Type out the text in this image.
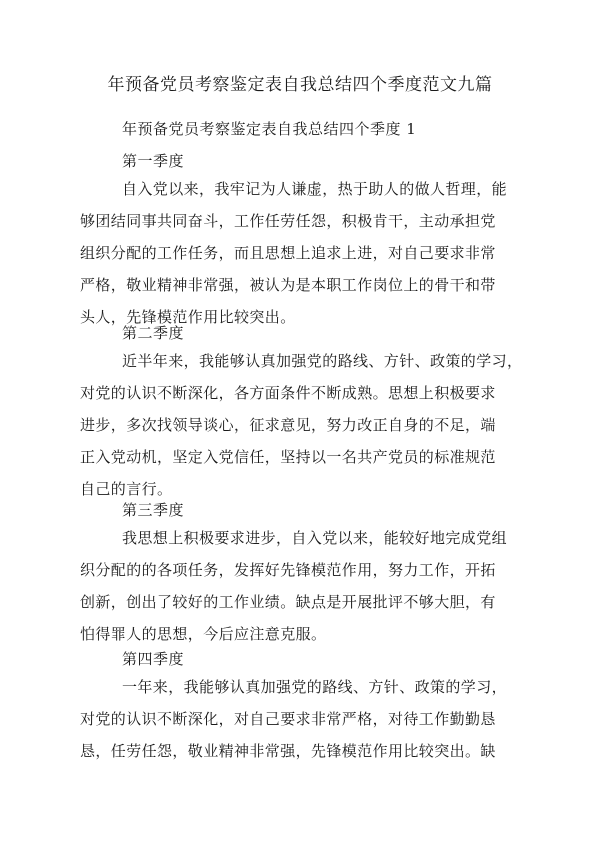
年预备党员考察鉴定表自我总结四个季度范文九篇
年预备党员考察鉴定表自我总结四个季度 1
第一季度
自入党以来，我牢记为人谦虚，热于助人的做人哲理，能
够团结同事共同奋斗，工作任劳任怨，积极肯干，主动承担党
组织分配的工作任务，而且思想上追求上进，对自己要求非常
严格，敬业精神非常强，被认为是本职工作岗位上的骨干和带
头人，先锋模范作用比较突出。
第二季度
近半年来，我能够认真加强党的路线、方针、政策的学习，
对党的认识不断深化，各方面条件不断成熟。思想上积极要求
进步，多次找领导谈心，征求意见，努力改正自身的不足，端
正入党动机，坚定入党信任，坚持以一名共产党员的标准规范
自己的言行。
第三季度
我思想上积极要求进步，自入党以来，能较好地完成党组
织分配的的各项任务，发挥好先锋模范作用，努力工作，开拓
创新，创出了较好的工作业绩。缺点是开展批评不够大胆，有
怕得罪人的思想，今后应注意克服。
第四季度
一年来，我能够认真加强党的路线、方针、政策的学习，
对党的认识不断深化，对自己要求非常严格，对待工作勤勤恳
恳，任劳任怨，敬业精神非常强，先锋模范作用比较突出。缺
